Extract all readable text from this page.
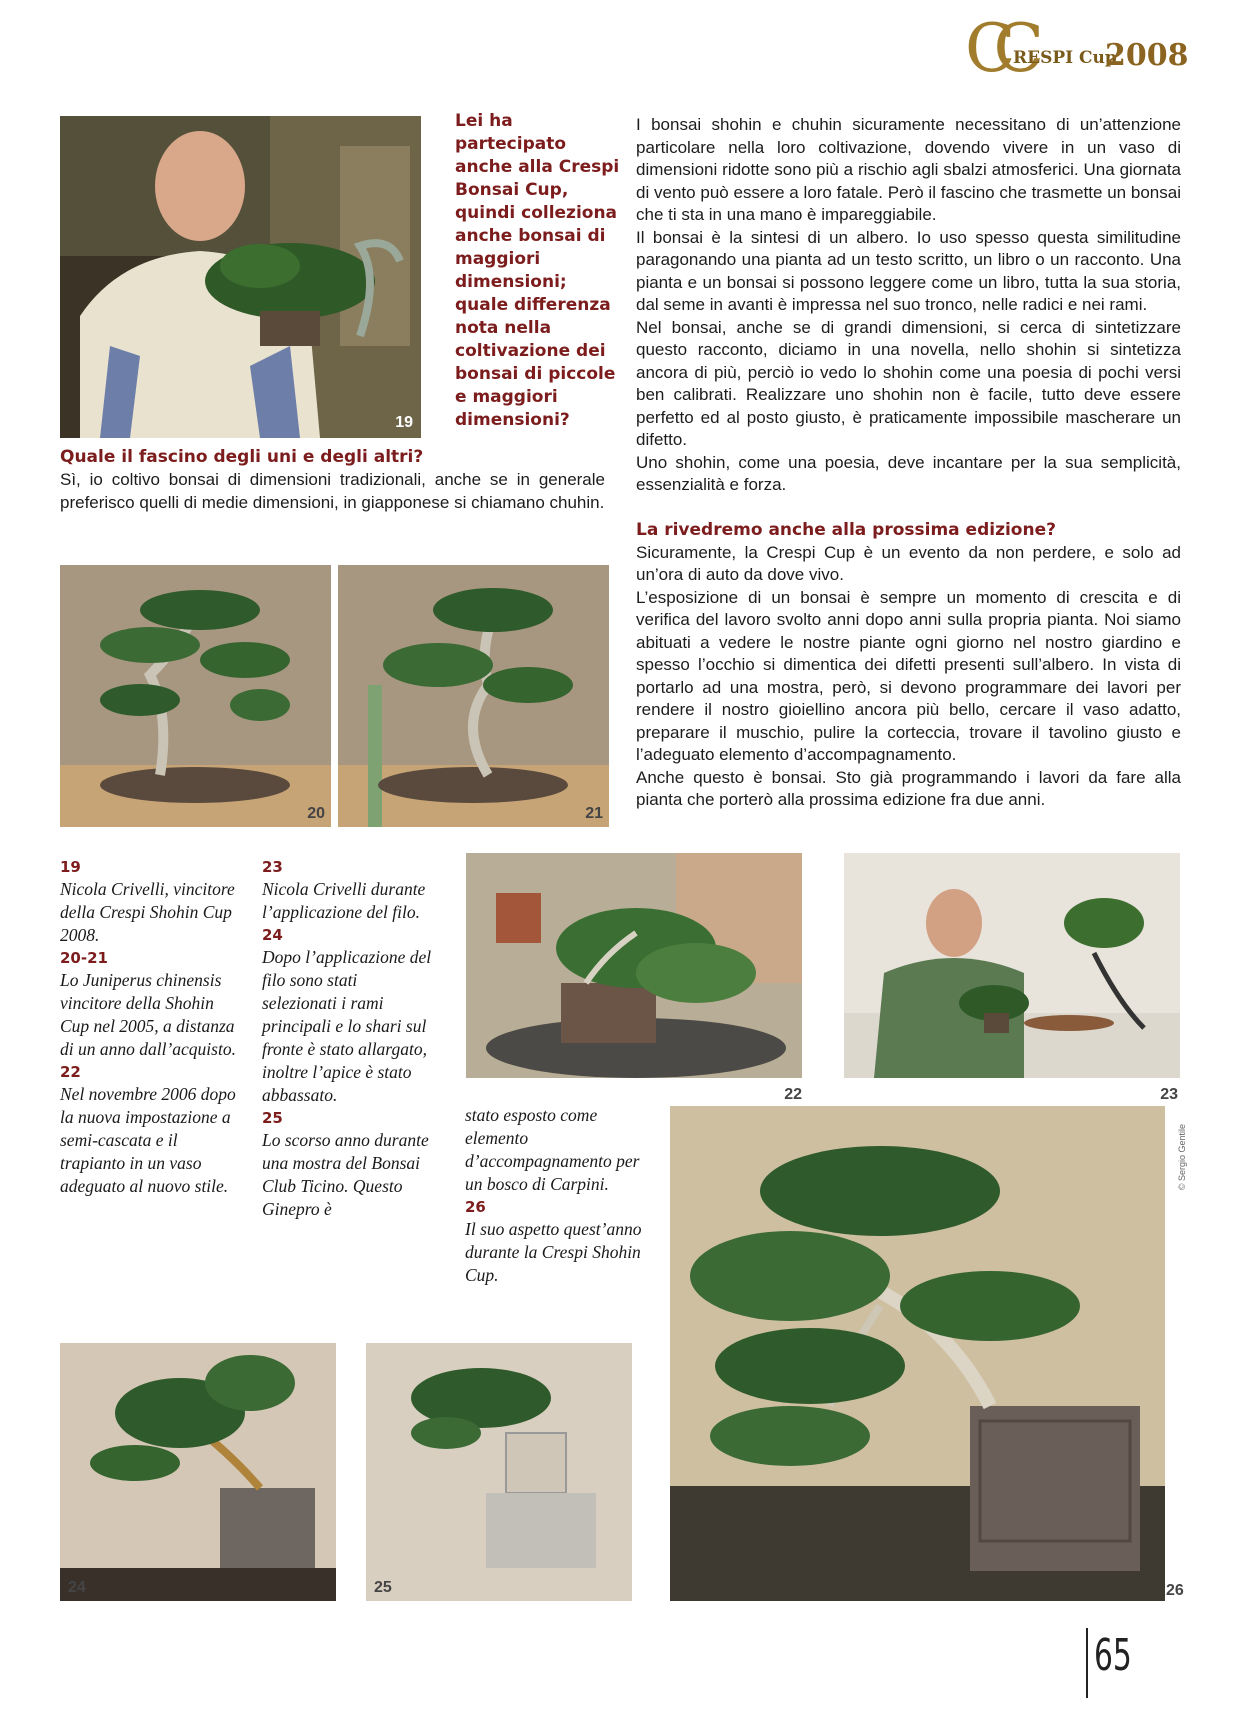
CC
RESPI Cup
2008
19
Lei ha partecipato anche alla Crespi Bonsai Cup, quindi colleziona anche bonsai di maggiori dimensioni; quale differenza nota nella coltivazione dei bonsai di piccole e maggiori dimensioni?
Quale il fascino degli uni e degli altri?
Sì, io coltivo bonsai di dimensioni tradizionali, anche se in generale preferisco quelli di medie dimensioni, in giapponese si chiamano chuhin.

I bonsai shohin e chuhin sicuramente necessitano di un’attenzione particolare nella loro coltivazione, dovendo vivere in un vaso di dimensioni ridotte sono più a rischio agli sbalzi atmosferici. Una giornata di vento può essere a loro fatale. Però il fascino che trasmette un bonsai che ti sta in una mano è impareggiabile.

Il bonsai è la sintesi di un albero. Io uso spesso questa similitudine paragonando una pianta ad un testo scritto, un libro o un racconto. Una pianta e un bonsai si possono leggere come un libro, tutta la sua storia, dal seme in avanti è impressa nel suo tronco, nelle radici e nei rami.

Nel bonsai, anche se di grandi dimensioni, si cerca di sintetizzare questo racconto, diciamo in una novella, nello shohin si sintetizza ancora di più, perciò io vedo lo shohin come una poesia di pochi versi ben calibrati. Realizzare uno shohin non è facile, tutto deve essere perfetto ed al posto giusto, è praticamente impossibile mascherare un difetto.

Uno shohin, come una poesia, deve incantare per la sua semplicità, essenzialità e forza.

La rivedremo anche alla prossima edizione?

Sicuramente, la Crespi Cup è un evento da non perdere, e solo ad un’ora di auto da dove vivo.

L’esposizione di un bonsai è sempre un momento di crescita e di verifica del lavoro svolto anni dopo anni sulla propria pianta. Noi siamo abituati a vedere le nostre piante ogni giorno nel nostro giardino e spesso l’occhio si dimentica dei difetti presenti sull’albero. In vista di portarlo ad una mostra, però, si devono programmare dei lavori per rendere il nostro gioiellino ancora più bello, cercare il vaso adatto, preparare il muschio, pulire la corteccia, trovare il tavolino giusto e l’adeguato elemento d’accompagnamento.

Anche questo è bonsai. Sto già programmando i lavori da fare alla pianta che porterò alla prossima edizione fra due anni.

20	21
19

Nicola Crivelli, vincitore della Crespi Shohin Cup 2008.

20-21

Lo Juniperus chinensis vincitore della Shohin Cup nel 2005, a distanza di un anno dall’acquisto.

22

Nel novembre 2006 dopo la nuova impostazione a semi-cascata e il trapianto in un vaso adeguato al nuovo stile.

23

Nicola Crivelli durante l’applicazione del filo.

24

Dopo l’applicazione del filo sono stati selezionati i rami principali e lo shari sul fronte è stato allargato, inoltre l’apice è stato abbassato.

25

Lo scorso anno durante una mostra del Bonsai Club Ticino. Questo Ginepro è

stato esposto come elemento d’accompagnamento per un bosco di Carpini.

26

Il suo aspetto quest’anno durante la Crespi Shohin Cup.

22	23
24	25	26
© Sergio Gentile
65
